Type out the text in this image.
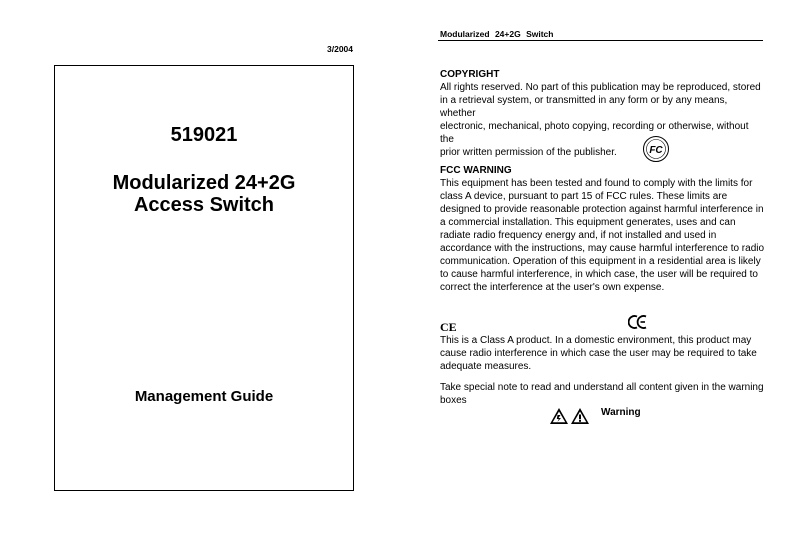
3/2004
519021
Modularized 24+2G
Access Switch
Management Guide
Modularized 24+2G Switch
COPYRIGHT
All rights reserved. No part of this publication may be reproduced, stored
in a retrieval system, or transmitted in any form or by any means, whether
electronic, mechanical, photo copying, recording or otherwise, without the
prior written permission of the publisher.	FC
FCC WARNING
This equipment has been tested and found to comply with the limits for
class A device, pursuant to part 15 of FCC rules. These limits are
designed to provide reasonable protection against harmful interference in
a commercial installation. This equipment generates, uses and can
radiate radio frequency energy and, if not installed and used in
accordance with the instructions, may cause harmful interference to radio
communication. Operation of this equipment in a residential area is likely
to cause harmful interference, in which case, the user will be required to
correct the interference at the user's own expense.
CE
This is a Class A product. In a domestic environment, this product may
cause radio interference in which case the user may be required to take
adequate measures.
Take special note to read and understand all content given in the warning
boxes
Warning
